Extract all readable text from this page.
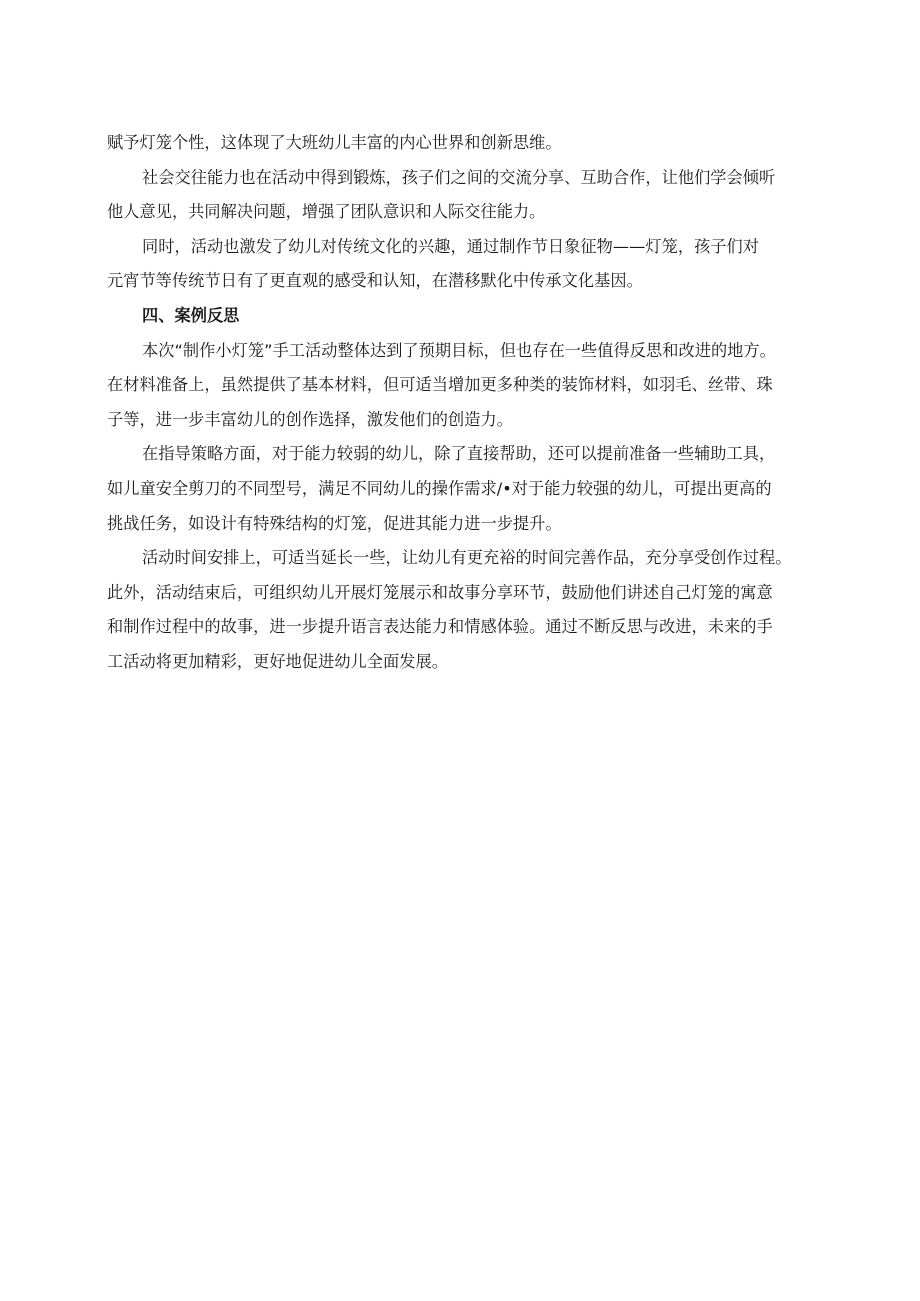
赋予灯笼个性，这体现了大班幼儿丰富的内心世界和创新思维。
社会交往能力也在活动中得到锻炼，孩子们之间的交流分享、互助合作，让他们学会倾听
他人意见，共同解决问题，增强了团队意识和人际交往能力。
同时，活动也激发了幼儿对传统文化的兴趣，通过制作节日象征物——灯笼，孩子们对
元宵节等传统节日有了更直观的感受和认知，在潜移默化中传承文化基因。
四、案例反思
本次“制作小灯笼”手工活动整体达到了预期目标，但也存在一些值得反思和改进的地方。
在材料准备上，虽然提供了基本材料，但可适当增加更多种类的装饰材料，如羽毛、丝带、珠
子等，进一步丰富幼儿的创作选择，激发他们的创造力。
在指导策略方面，对于能力较弱的幼儿，除了直接帮助，还可以提前准备一些辅助工具，
如儿童安全剪刀的不同型号，满足不同幼儿的操作需求/•对于能力较强的幼儿，可提出更高的
挑战任务，如设计有特殊结构的灯笼，促进其能力进一步提升。
活动时间安排上，可适当延长一些，让幼儿有更充裕的时间完善作品，充分享受创作过程。
此外，活动结束后，可组织幼儿开展灯笼展示和故事分享环节，鼓励他们讲述自己灯笼的寓意
和制作过程中的故事，进一步提升语言表达能力和情感体验。通过不断反思与改进，未来的手
工活动将更加精彩，更好地促进幼儿全面发展。
